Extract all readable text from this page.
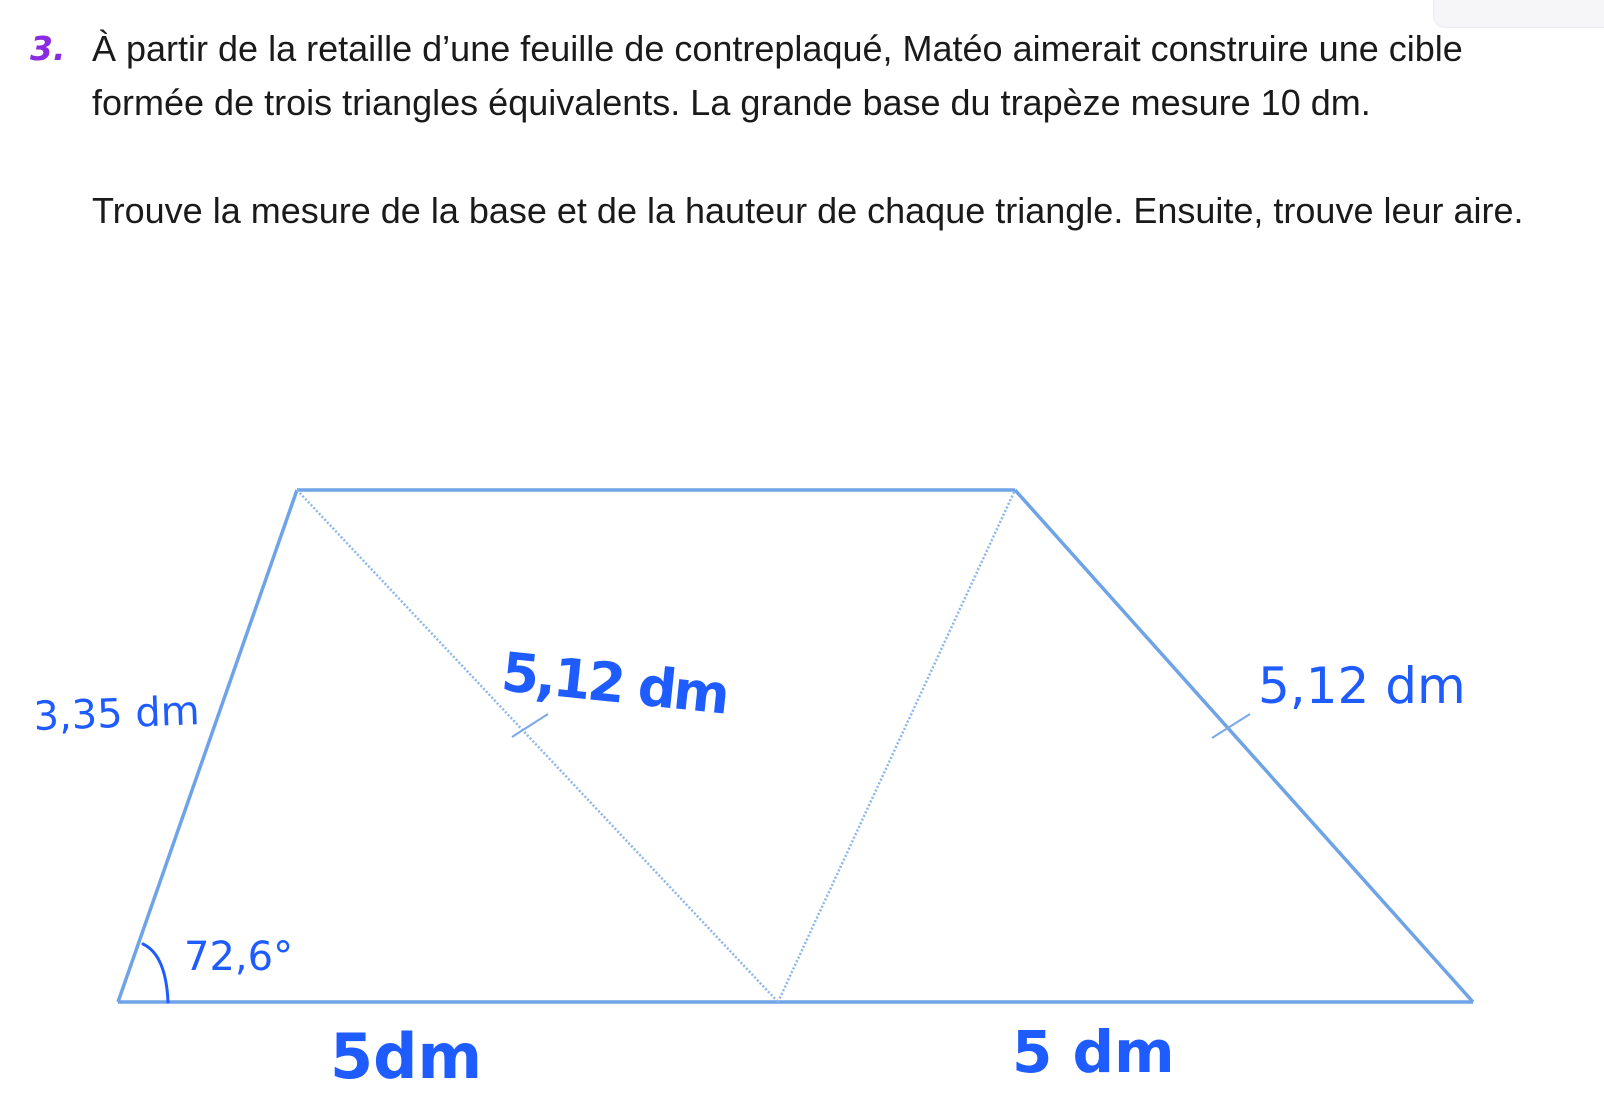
3. À partir de la retaille d’une feuille de contreplaqué, Matéo aimerait construire une cible formée de trois triangles équivalents. La grande base du trapèze mesure 10 dm.

Trouve la mesure de la base et de la hauteur de chaque triangle. Ensuite, trouve leur aire.

3,35 dm
72,6°
5,12 dm	5,12 dm
5dm	5 dm
